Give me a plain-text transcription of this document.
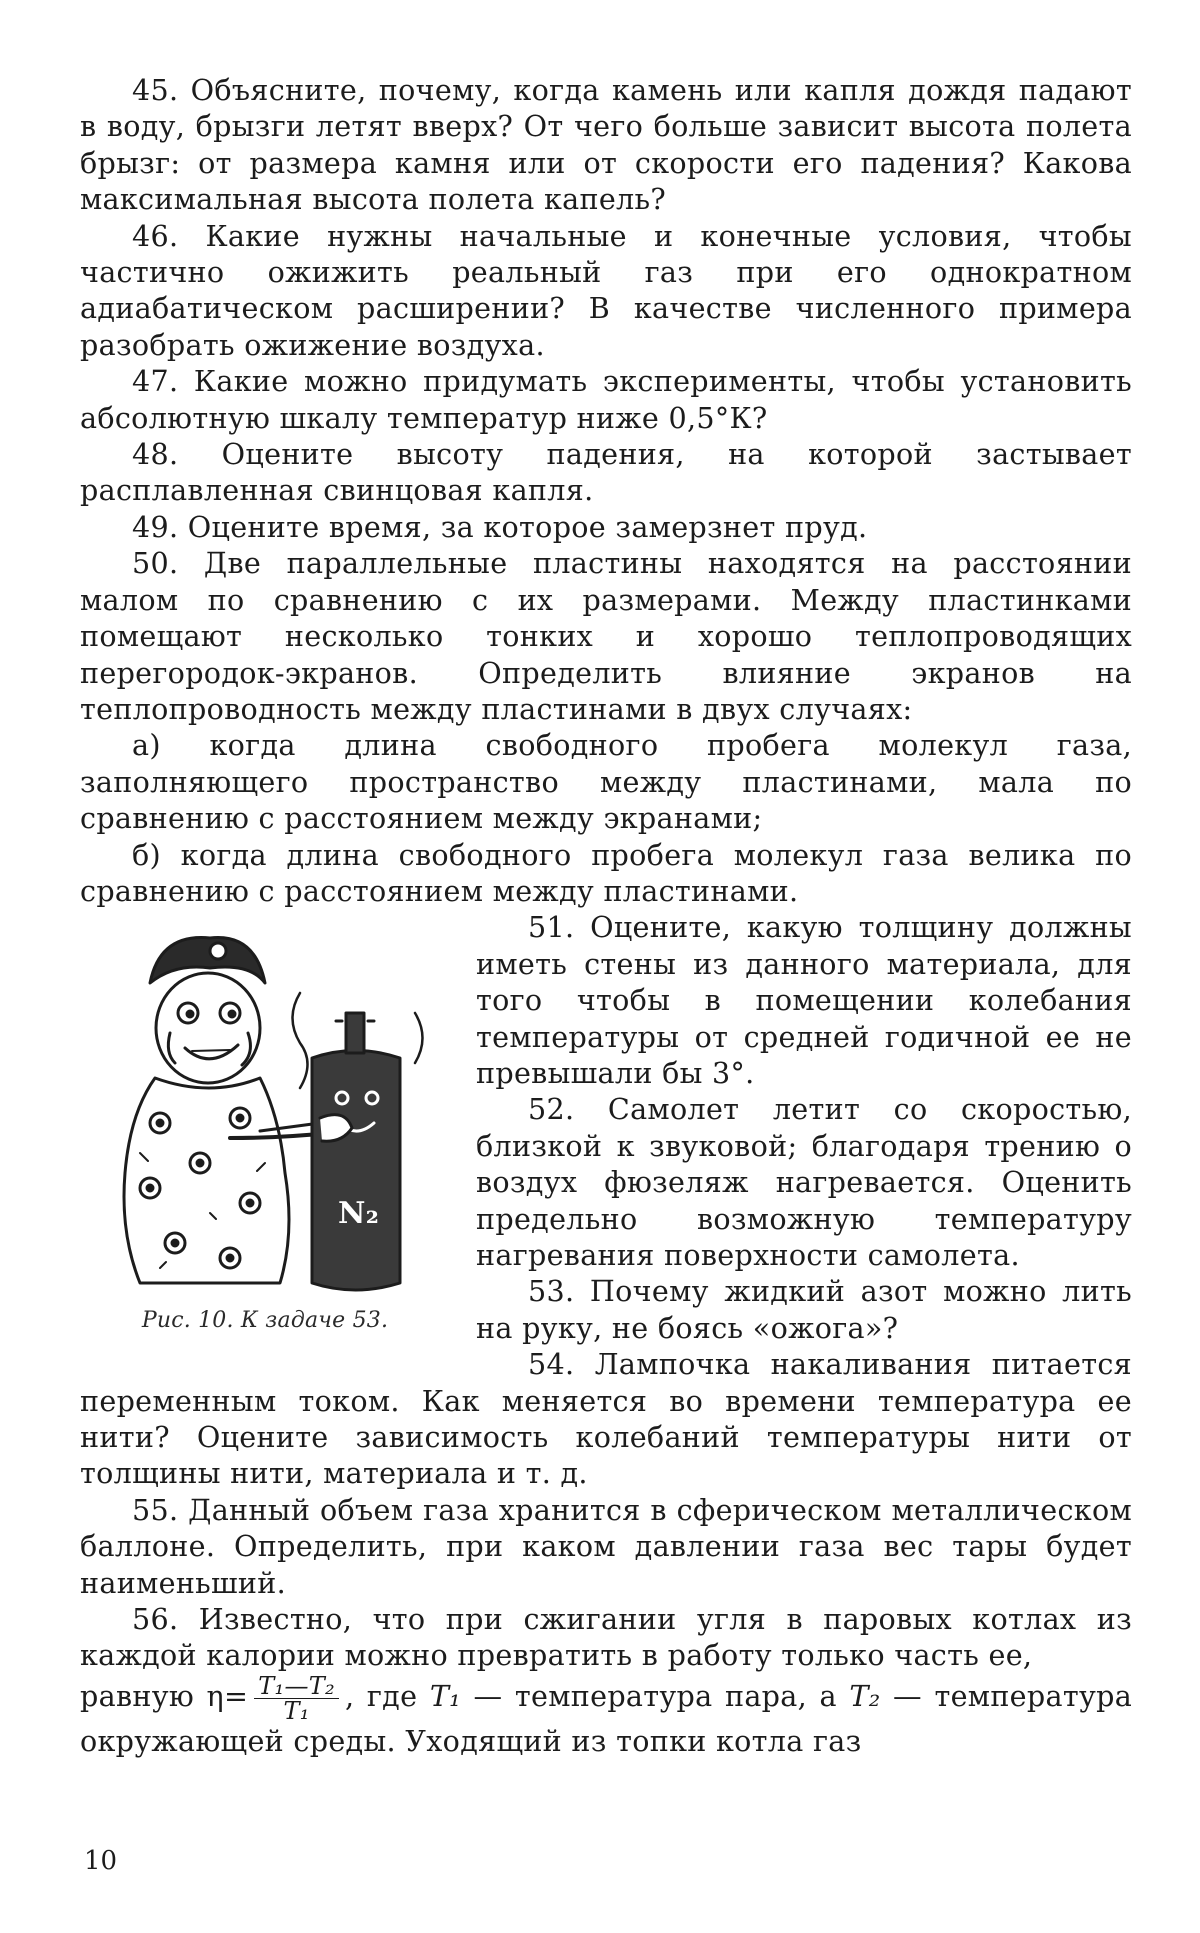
45. Объясните, почему, когда камень или капля дождя падают в воду, брызги летят вверх? От чего больше зависит высота полета брызг: от размера камня или от скорости его падения? Какова максимальная высота полета капель?

46. Какие нужны начальные и конечные условия, чтобы частично ожижить реальный газ при его однократном адиабатическом расширении? В качестве численного примера разобрать ожижение воздуха.

47. Какие можно придумать эксперименты, чтобы установить абсолютную шкалу температур ниже 0,5°К?

48. Оцените высоту падения, на которой застывает расплавленная свинцовая капля.

49. Оцените время, за которое замерзнет пруд.

50. Две параллельные пластины находятся на расстоянии малом по сравнению с их размерами. Между пластинками помещают несколько тонких и хорошо теплопроводящих перегородок-экранов. Определить влияние экранов на теплопроводность между пластинами в двух случаях:

а) когда длина свободного пробега молекул газа, заполняющего пространство между пластинами, мала по сравнению с расстоянием между экранами;

б) когда длина свободного пробега молекул газа велика по сравнению с расстоянием между пластинами.

N₂
Рис. 10. К задаче 53.

51. Оцените, какую толщину должны иметь стены из данного материала, для того чтобы в помещении колебания температуры от средней годичной ее не превышали бы 3°.

52. Самолет летит со скоростью, близкой к звуковой; благодаря трению о воздух фюзеляж нагревается. Оценить предельно возможную температуру нагревания поверхности самолета.

53. Почему жидкий азот можно лить на руку, не боясь «ожога»?

54. Лампочка накаливания питается переменным током. Как меняется во времени температура ее нити? Оцените зависимость колебаний температуры нити от толщины нити, материала и т. д.

55. Данный объем газа хранится в сферическом металлическом баллоне. Определить, при каком давлении газа вес тары будет наименьший.

56. Известно, что при сжигании угля в паровых котлах из каждой калории можно превратить в работу только часть ее,

равную $\eta= \frac{\text{T₁—T₂}}{\text{T₁}}$ , где T₁ — температура пара, а T₂ — температура окружающей среды. Уходящий из топки котла газ

10
